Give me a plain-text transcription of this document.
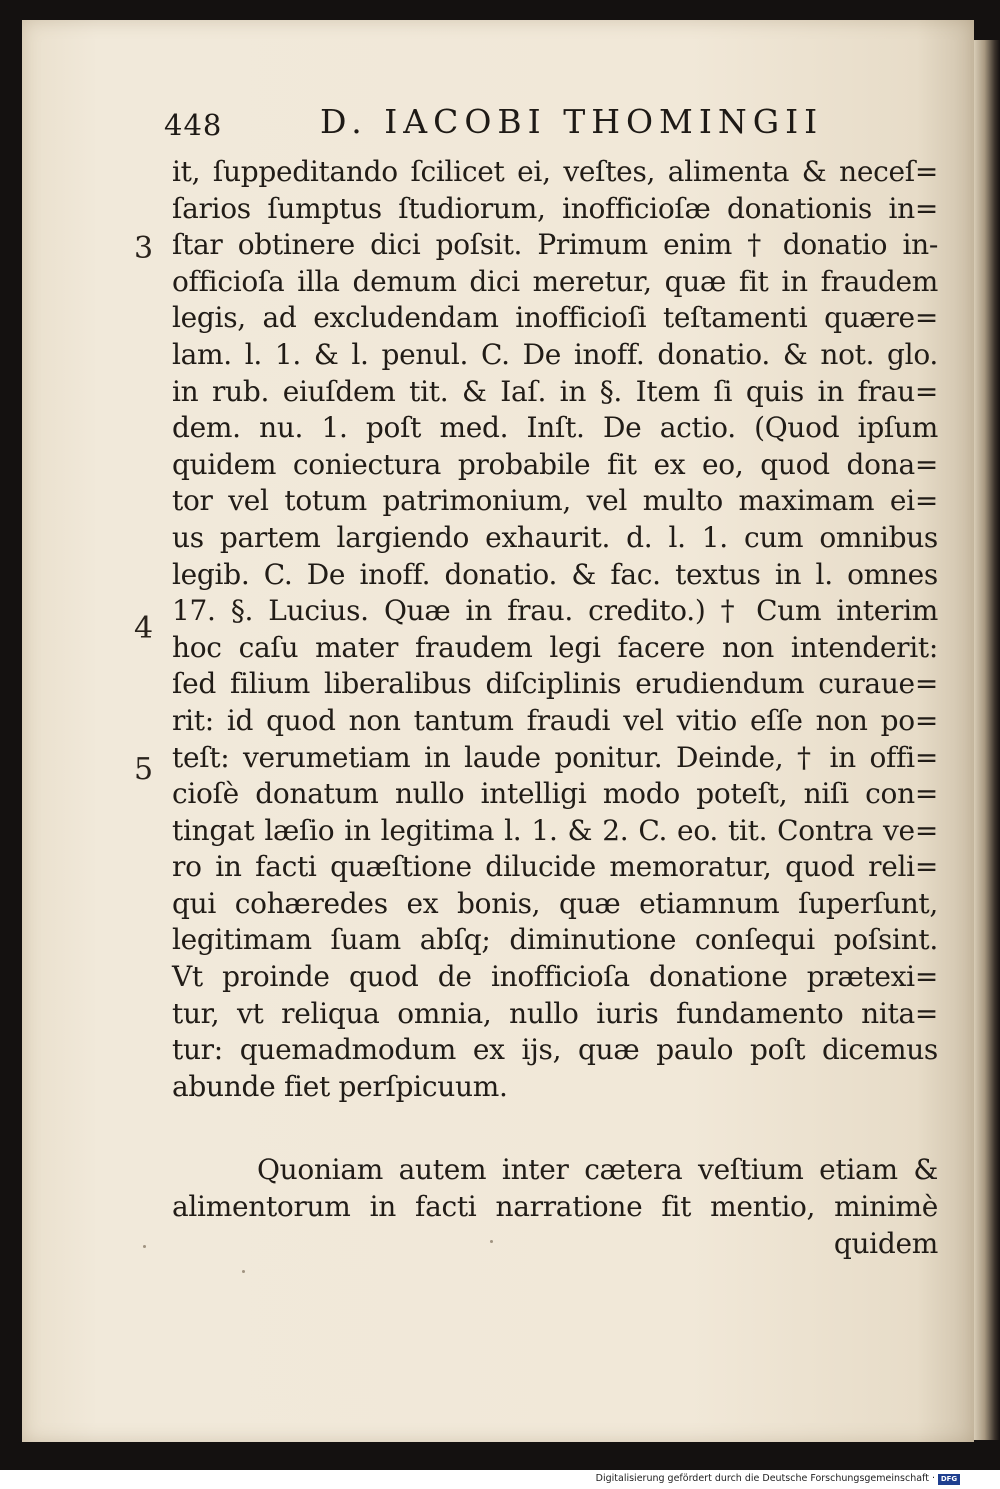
448	D. IACOBI THOMINGII
3
4
5
it, ſuppeditando ſcilicet ei, veſtes, alimenta & neceſ=
ſarios ſumptus ſtudiorum, inofficioſæ donationis in=
ſtar obtinere dici poſsit. Primum enim † donatio in-
officioſa illa demum dici meretur, quæ fit in fraudem
legis, ad excludendam inofficioſi teſtamenti quære=
lam. l. 1. & l. penul. C. De inoff. donatio. & not. glo.
in rub. eiuſdem tit. & Iaſ. in §. Item ſi quis in frau=
dem. nu. 1. poſt med. Inſt. De actio. (Quod ipſum
quidem coniectura probabile fit ex eo, quod dona=
tor vel totum patrimonium, vel multo maximam ei=
us partem largiendo exhaurit. d. l. 1. cum omnibus
legib. C. De inoff. donatio. & fac. textus in l. omnes
17. §. Lucius. Quæ in frau. credito.) † Cum interim
hoc caſu mater fraudem legi facere non intenderit:
ſed filium liberalibus diſciplinis erudiendum curaue=
rit: id quod non tantum fraudi vel vitio eſſe non po=
teſt: verumetiam in laude ponitur. Deinde, † in offi=
cioſè donatum nullo intelligi modo poteſt, niſi con=
tingat læſio in legitima l. 1. & 2. C. eo. tit. Contra ve=
ro in facti quæſtione dilucide memoratur, quod reli=
qui cohæredes ex bonis, quæ etiamnum ſuperſunt,
legitimam ſuam abſq; diminutione conſequi poſsint.
Vt proinde quod de inofficioſa donatione prætexi=
tur, vt reliqua omnia, nullo iuris fundamento nita=
tur: quemadmodum ex ijs, quæ paulo poſt dicemus
abunde fiet perſpicuum.
Quoniam autem inter cætera veſtium etiam &
alimentorum in facti narratione fit mentio, minimè
quidem
Digitalisierung gefördert durch die Deutsche Forschungsgemeinschaft · DFG
